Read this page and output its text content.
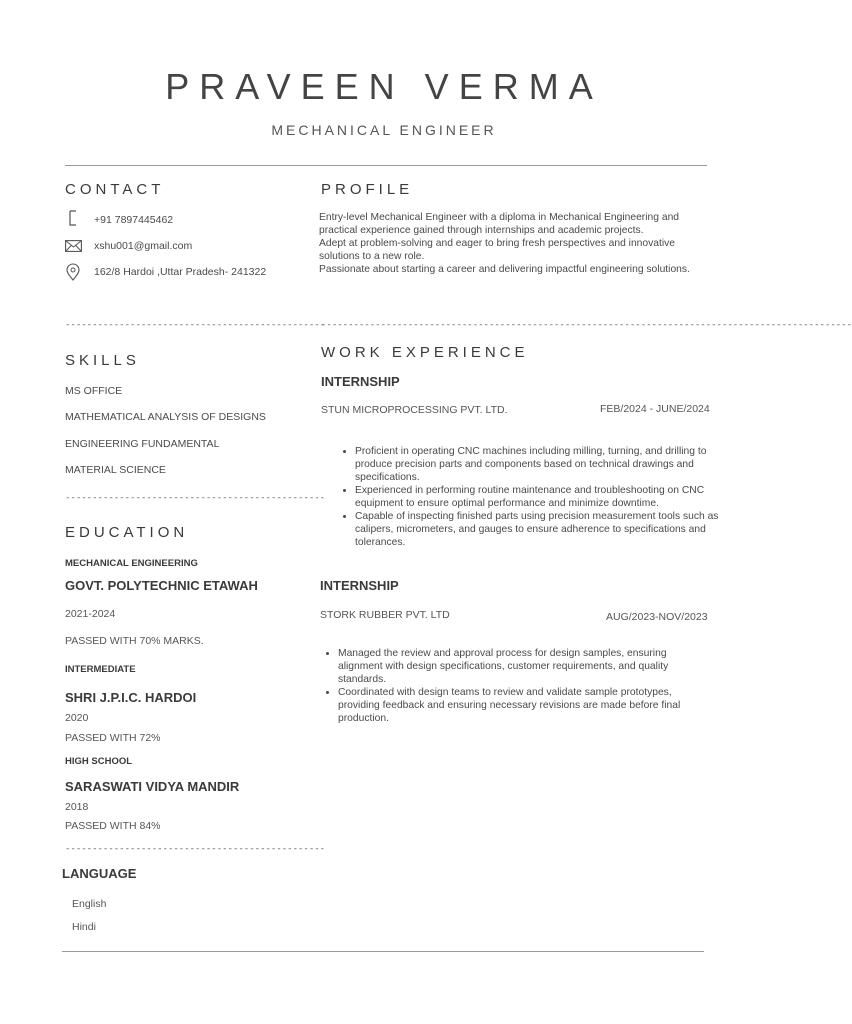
PRAVEEN VERMA
MECHANICAL ENGINEER
CONTACT
+91 7897445462
xshu001@gmail.com
162/8 Hardoi ,Uttar Pradesh- 241322
------------------------------------------------
PROFILE
Entry-level Mechanical Engineer with a diploma in Mechanical Engineering and
practical experience gained through internships and academic projects.
Adept at problem-solving and eager to bring fresh perspectives and innovative
solutions to a new role.
Passionate about starting a career and delivering impactful engineering solutions.
--------------------------------------------------------------------------------------------------
SKILLS
MS OFFICE
MATHEMATICAL ANALYSIS OF DESIGNS
ENGINEERING FUNDAMENTAL
MATERIAL SCIENCE
------------------------------------------------
EDUCATION
MECHANICAL ENGINEERING
GOVT. POLYTECHNIC ETAWAH
2021-2024
PASSED WITH 70% MARKS.
INTERMEDIATE
SHRI J.P.I.C. HARDOI
2020
PASSED WITH 72%
HIGH SCHOOL
SARASWATI VIDYA MANDIR
2018
PASSED WITH 84%
------------------------------------------------
LANGUAGE
English
Hindi
WORK EXPERIENCE
INTERNSHIP
STUN MICROPROCESSING PVT. LTD.	FEB/2024 - JUNE/2024
• Proficient in operating CNC machines including milling, turning, and drilling to produce precision parts and components based on technical drawings and specifications.
• Experienced in performing routine maintenance and troubleshooting on CNC equipment to ensure optimal performance and minimize downtime.
• Capable of inspecting finished parts using precision measurement tools such as calipers, micrometers, and gauges to ensure adherence to specifications and tolerances.
INTERNSHIP
STORK RUBBER PVT. LTD	AUG/2023-NOV/2023
• Managed the review and approval process for design samples, ensuring alignment with design specifications, customer requirements, and quality standards.
• Coordinated with design teams to review and validate sample prototypes, providing feedback and ensuring necessary revisions are made before final production.
